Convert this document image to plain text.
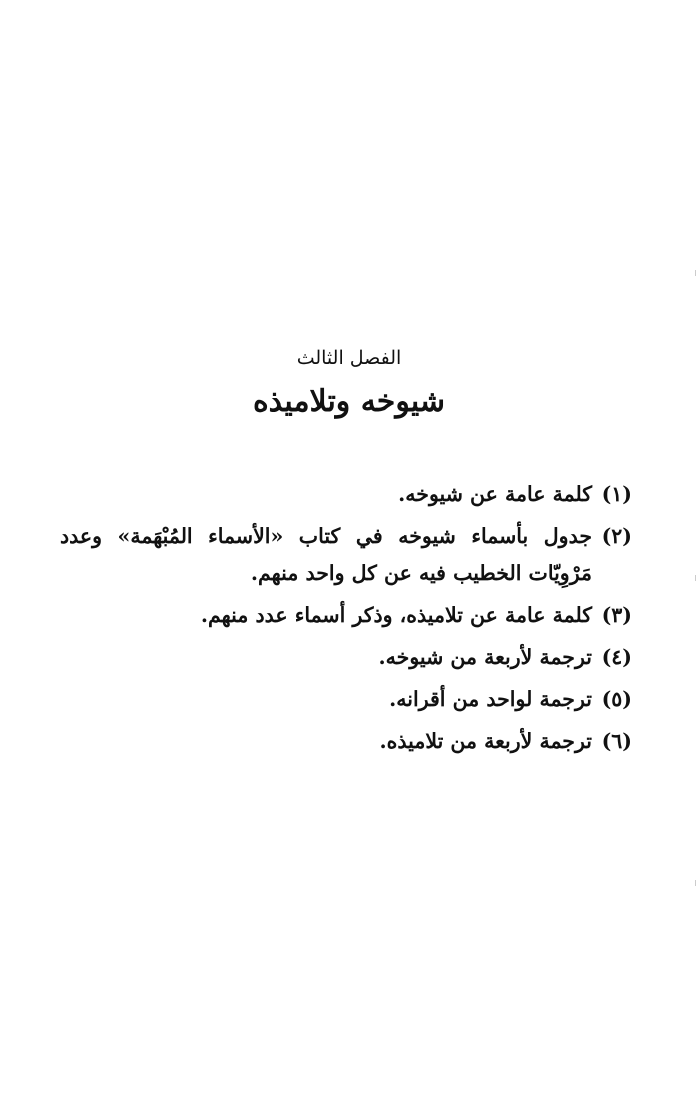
الفصل الثالث
شيوخه وتلاميذه
(١)
كلمة عامة عن شيوخه.
(٢)
جدول بأسماء شيوخه في كتاب «الأسماء المُبْهَمة» وعدد مَرْوِيّات الخطيب فيه عن كل واحد منهم.
(٣)
كلمة عامة عن تلاميذه، وذكر أسماء عدد منهم.
(٤)
ترجمة لأربعة من شيوخه.
(٥)
ترجمة لواحد من أقرانه.
(٦)
ترجمة لأربعة من تلاميذه.
